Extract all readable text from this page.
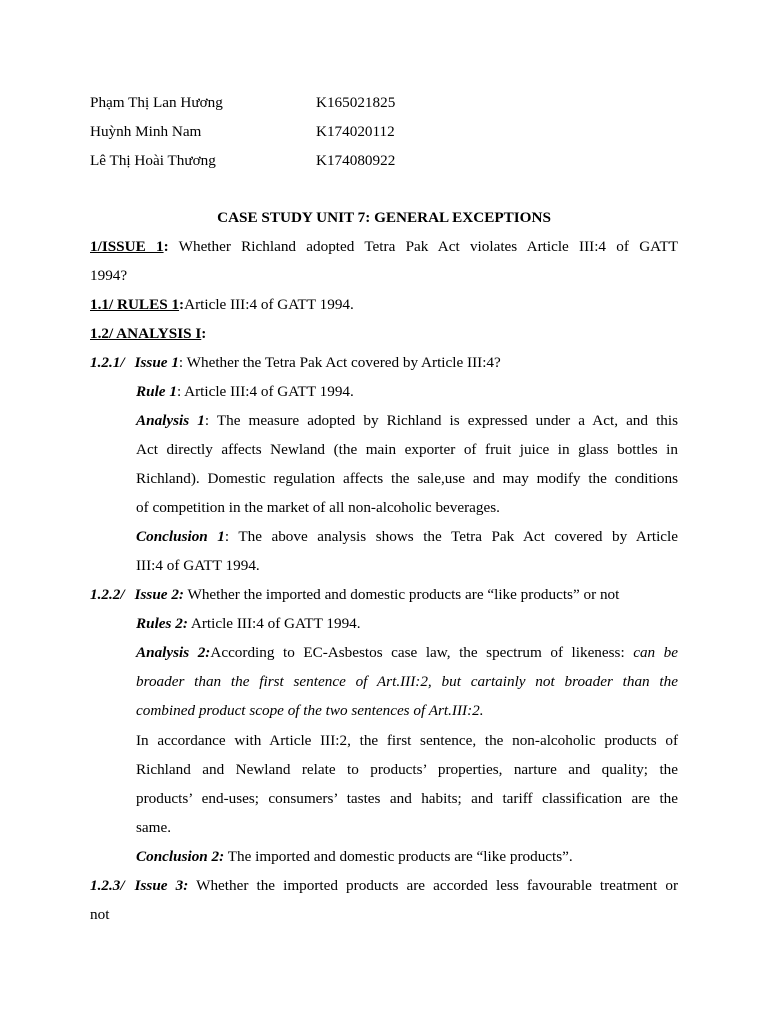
Phạm Thị Lan Hương	K165021825
Huỳnh Minh Nam	K174020112
Lê Thị Hoài Thương	K174080922
CASE STUDY UNIT 7: GENERAL EXCEPTIONS
1/ISSUE 1: Whether Richland adopted Tetra Pak Act violates Article III:4 of GATT
1994?
1.1/ RULES 1:Article III:4 of GATT 1994.
1.2/ ANALYSIS I:
1.2.1/ Issue 1: Whether the Tetra Pak Act covered by Article III:4?
Rule 1: Article III:4 of GATT 1994.
Analysis 1: The measure adopted by Richland is expressed under a Act, and this
Act directly affects Newland (the main exporter of fruit juice in glass bottles in
Richland). Domestic regulation affects the sale,use and may modify the conditions
of competition in the market of all non-alcoholic beverages.
Conclusion 1: The above analysis shows the Tetra Pak Act covered by Article
III:4 of GATT 1994.
1.2.2/ Issue 2: Whether the imported and domestic products are “like products” or not
Rules 2: Article III:4 of GATT 1994.
Analysis 2:According to EC-Asbestos case law, the spectrum of likeness: can be
broader than the first sentence of Art.III:2, but cartainly not broader than the
combined product scope of the two sentences of Art.III:2.
In accordance with Article III:2, the first sentence, the non-alcoholic products of
Richland and Newland relate to products’ properties, narture and quality; the
products’ end-uses; consumers’ tastes and habits; and tariff classification are the
same.
Conclusion 2: The imported and domestic products are “like products”.
1.2.3/ Issue 3: Whether the imported products are accorded less favourable treatment or
not
